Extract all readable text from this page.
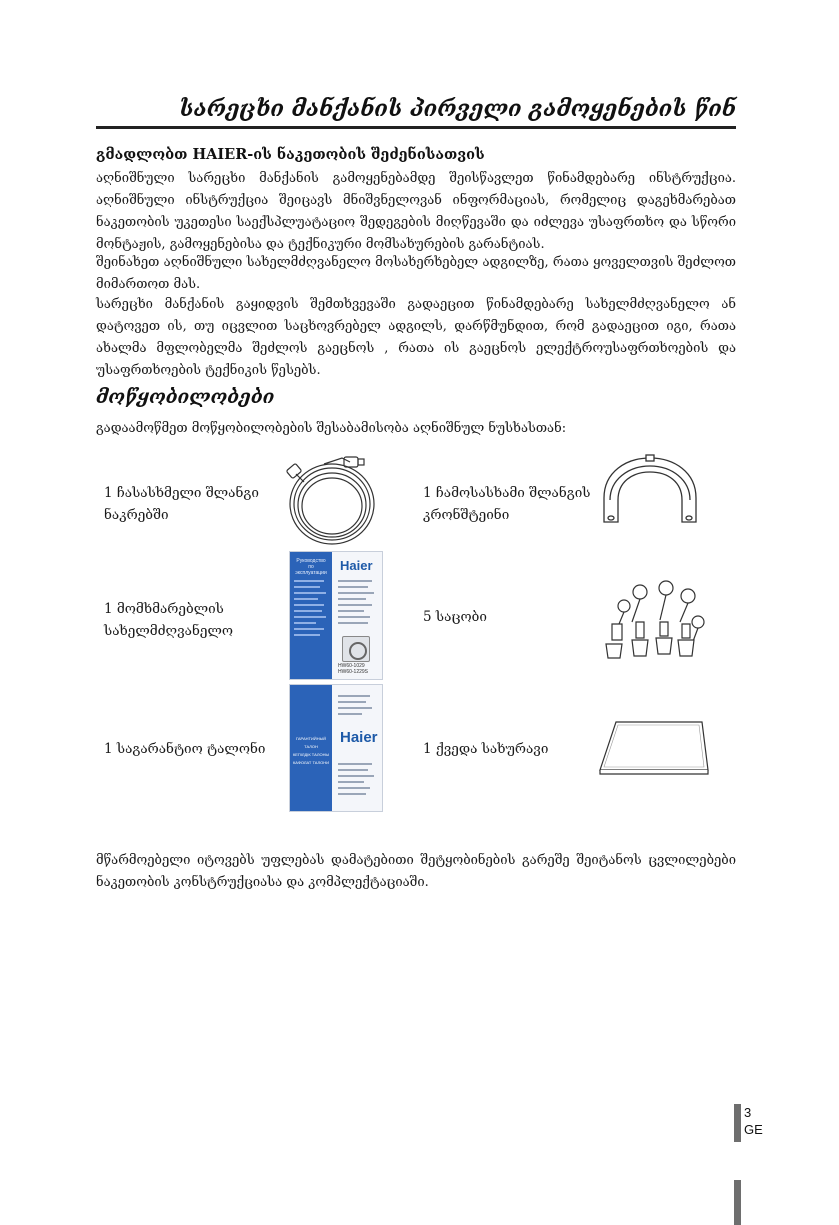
სარეცხი მანქანის პირველი გამოყენების წინ
გმადლობთ HAIER-ის ნაკეთობის შეძენისათვის
აღნიშნული სარეცხი მანქანის გამოყენებამდე შეისწავლეთ წინამდებარე ინსტრუქცია. აღნიშნული ინსტრუქცია შეიცავს მნიშვნელოვან ინფორმაციას, რომელიც დაგეხმარებათ ნაკეთობის უკეთესი საექსპლუატაციო შედეგების მიღწევაში და იძლევა უსაფრთხო და სწორი მონტაჟის, გამოყენებისა და ტექნიკური მომსახურების გარანტიას.
შეინახეთ აღნიშნული სახელმძღვანელო მოსახერხებელ ადგილზე, რათა ყოველთვის შეძლოთ მიმართოთ მას.
სარეცხი მანქანის გაყიდვის შემთხვევაში გადაეცით წინამდებარე სახელმძღვანელო ან დატოვეთ ის, თუ იცვლით საცხოვრებელ ადგილს, დარწმუნდით, რომ გადაეცით იგი, რათა ახალმა მფლობელმა შეძლოს გაეცნოს , რათა ის გაეცნოს ელექტროუსაფრთხოების და უსაფრთხოების ტექნიკის წესებს.
მოწყობილობები
გადაამოწმეთ მოწყობილობების შესაბამისობა აღნიშნულ ნუსხასთან:
1 ჩასასხმელი შლანგი
ნაკრებში
1 ჩამოსასხამი შლანგის
კრონშტეინი
1 მომხმარებლის
სახელმძღვანელო
Руководство по эксплуатации Haier
HW60-1029
HW60-1229S
5 საცობი
1 საგარანტიო ტალონი
ГАРАНТИЙНЫЙ ТАЛОН
КЕПІЛДІК ТАЛОНЫ
КАФОЛАТ ТАЛОНИ
Haier
1 ქვედა სახურავი
მწარმოებელი იტოვებს უფლებას დამატებითი შეტყობინების გარეშე შეიტანოს ცვლილებები ნაკეთობის კონსტრუქციასა და კომპლექტაციაში.
3
GE
